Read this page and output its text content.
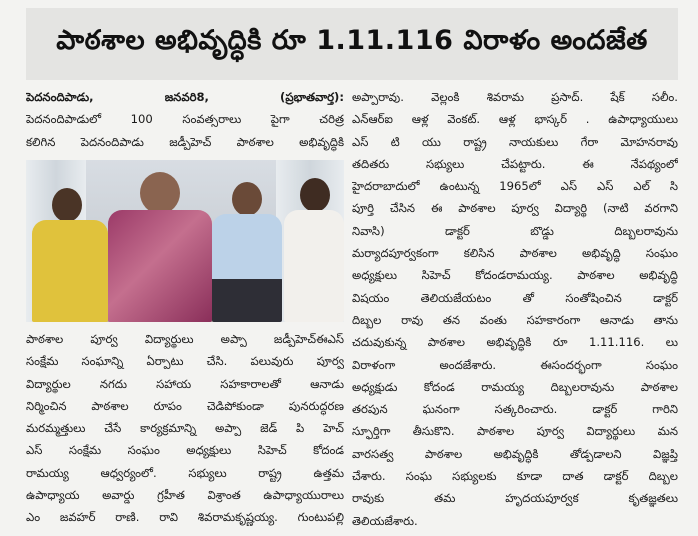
పాఠశాల అభివృద్ధికి రూ 1.11.116 విరాళం అందజేత

పెదనందిపాడు, జనవరి8, (ప్రభాతవార్త):

పెదనందిపాడులో 100 సంవత్సరాలు పైగా చరిత్ర

కలిగిన పెదనందిపాడు జడ్పీహెచ్ పాఠశాల అభివృద్ధికి

పాఠశాల పూర్వ విద్యార్థులు అప్పా జడ్పీహెచ్‌ఈఎస్

సంక్షేమ సంఘాన్ని ఏర్పాటు చేసి. పలువురు పూర్వ

విద్యార్థుల నగదు సహాయ సహకారాలతో ఆనాడు

నిర్మించిన పాఠశాల రూపం చెడిపోకుండా పునరుద్ధరణ

మరమ్మత్తులు చేసే కార్యక్రమాన్ని అప్పా జెడ్ పి హెచ్

ఎస్ సంక్షేమ సంఘం అధ్యక్షులు సిహెచ్ కోదండ

రామయ్య ఆధ్వర్యంలో. సభ్యులు రాష్ట్ర ఉత్తమ

ఉపాధ్యాయ అవార్డు గ్రహీత విశ్రాంత ఉపాధ్యాయురాలు

ఎం జవహర్ రాణి. రావి శివరామకృష్ణయ్య. గుంటుపల్లి

అప్పారావు. వెల్లంకి శివరామ ప్రసాద్. షేక్ సలీం.

ఎన్ఆర్‌ఐ ఆళ్ల వెంకట్. ఆళ్ల భాస్కర్ . ఉపాధ్యాయులు

ఎస్ టి యు రాష్ట్ర నాయకులు గేరా మోహనరావు

తదితరు సభ్యులు చేపట్టారు. ఈ నేపథ్యంలో

హైదరాబాదులో ఉంటున్న 1965లో ఎస్ ఎస్ ఎల్ సి

పూర్తి చేసిన ఈ పాఠశాల పూర్వ విద్యార్థి (నాటి వరగాని

నివాసి) డాక్టర్ బొడ్డు దిబ్బలరావును

మర్యాదపూర్వకంగా కలిసిన పాఠశాల అభివృద్ధి సంఘం

అధ్యక్షులు సిహెచ్ కోదండరామయ్య. పాఠశాల అభివృద్ధి

విషయం తెలియజేయటం తో సంతోషించిన డాక్టర్

దిబ్బల రావు తన వంతు సహకారంగా ఆనాడు తాను

చదువుకున్న పాఠశాల అభివృద్ధికి రూ 1.11.116. లు

విరాళంగా అందజేశారు. ఈసందర్భంగా సంఘం

అధ్యక్షుడు కోదండ రామయ్య దిబ్బలరావును పాఠశాల

తరపున ఘనంగా సత్కరించారు. డాక్టర్ గారిని

స్ఫూర్తిగా తీసుకొని. పాఠశాల పూర్వ విద్యార్థులు మన

వారసత్వ పాఠశాల అభివృద్ధికి తోడ్పడాలని విజ్ఞప్తి

చేశారు. సంఘ సభ్యులకు కూడా దాత డాక్టర్ దిబ్బల

రావుకు తమ హృదయపూర్వక కృతజ్ఞతలు

తెలియజేశారు.
